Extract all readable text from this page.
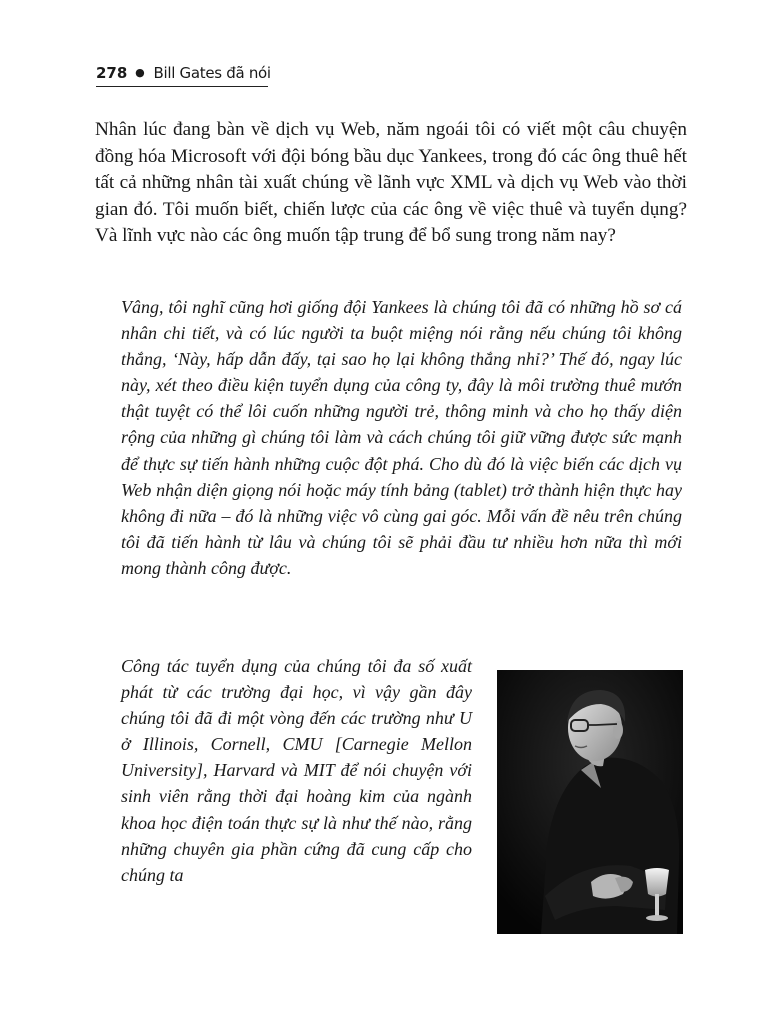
278 ● Bill Gates đã nói

Nhân lúc đang bàn về dịch vụ Web, năm ngoái tôi có viết một câu chuyện đồng hóa Microsoft với đội bóng bầu dục Yankees, trong đó các ông thuê hết tất cả những nhân tài xuất chúng về lãnh vực XML và dịch vụ Web vào thời gian đó. Tôi muốn biết, chiến lược của các ông về việc thuê và tuyển dụng? Và lĩnh vực nào các ông muốn tập trung để bổ sung trong năm nay?

Vâng, tôi nghĩ cũng hơi giống đội Yankees là chúng tôi đã có những hồ sơ cá nhân chi tiết, và có lúc người ta buột miệng nói rằng nếu chúng tôi không thắng, ‘Này, hấp dẫn đấy, tại sao họ lại không thắng nhỉ?’ Thế đó, ngay lúc này, xét theo điều kiện tuyển dụng của công ty, đây là môi trường thuê mướn thật tuyệt có thể lôi cuốn những người trẻ, thông minh và cho họ thấy diện rộng của những gì chúng tôi làm và cách chúng tôi giữ vững được sức mạnh để thực sự tiến hành những cuộc đột phá. Cho dù đó là việc biến các dịch vụ Web nhận diện giọng nói hoặc máy tính bảng (tablet) trở thành hiện thực hay không đi nữa – đó là những việc vô cùng gai góc. Mỗi vấn đề nêu trên chúng tôi đã tiến hành từ lâu và chúng tôi sẽ phải đầu tư nhiều hơn nữa thì mới mong thành công được.

Công tác tuyển dụng của chúng tôi đa số xuất phát từ các trường đại học, vì vậy gần đây chúng tôi đã đi một vòng đến các trường như U ở Illinois, Cornell, CMU [Carnegie Mellon University], Harvard và MIT để nói chuyện với sinh viên rằng thời đại hoàng kim của ngành khoa học điện toán thực sự là như thế nào, rằng những chuyên gia phần cứng đã cung cấp cho chúng ta
